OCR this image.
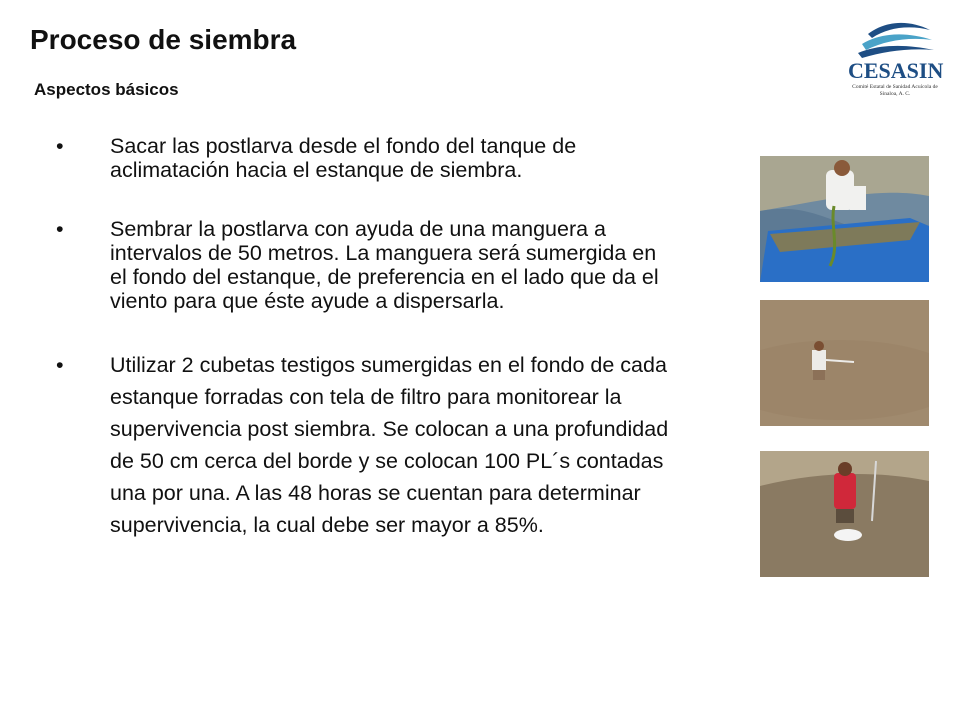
Proceso de siembra
Aspectos básicos
CESASIN
Comité Estatal de Sanidad Acuícola de Sinaloa, A. C.
• Sacar las postlarva desde el fondo del tanque de aclimatación hacia el estanque de siembra.
• Sembrar la postlarva con ayuda de una manguera a intervalos de 50 metros. La manguera será sumergida en el fondo del estanque, de preferencia en el lado que da el viento para que éste ayude a dispersarla.
• Utilizar 2 cubetas testigos sumergidas en el fondo de cada estanque forradas con tela de filtro para monitorear la supervivencia post siembra. Se colocan a una profundidad de 50 cm cerca del borde y se colocan 100 PL´s contadas una por una. A las 48 horas se cuentan para determinar supervivencia, la cual debe ser mayor a 85%.
